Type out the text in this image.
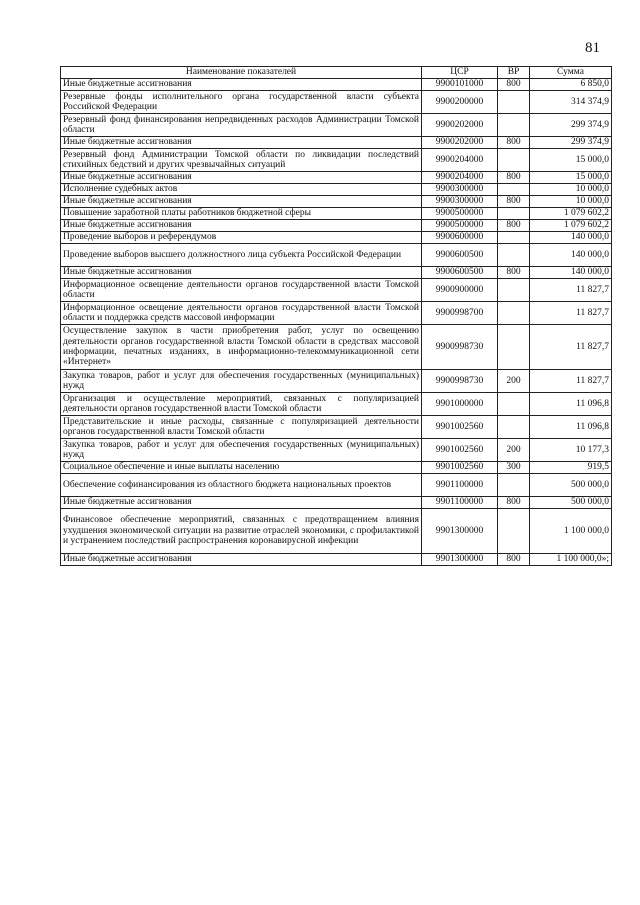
81
Наименование показателей	ЦСР	ВР	Сумма
Иные бюджетные ассигнования	9900101000	800	6 850,0
Резервные фонды исполнительного органа государственной власти субъекта Российской Федерации	9900200000		314 374,9
Резервный фонд финансирования непредвиденных расходов Администрации Томской области	9900202000		299 374,9
Иные бюджетные ассигнования	9900202000	800	299 374,9
Резервный фонд Администрации Томской области по ликвидации последствий стихийных бедствий и других чрезвычайных ситуаций	9900204000		15 000,0
Иные бюджетные ассигнования	9900204000	800	15 000,0
Исполнение судебных актов	9900300000		10 000,0
Иные бюджетные ассигнования	9900300000	800	10 000,0
Повышение заработной платы работников бюджетной сферы	9900500000		1 079 602,2
Иные бюджетные ассигнования	9900500000	800	1 079 602,2
Проведение выборов и референдумов	9900600000		140 000,0
Проведение выборов высшего должностного лица субъекта Российской Федерации	9900600500		140 000,0
Иные бюджетные ассигнования	9900600500	800	140 000,0
Информационное освещение деятельности органов государственной власти Томской области	9900900000		11 827,7
Информационное освещение деятельности органов государственной власти Томской области и поддержка средств массовой информации	9900998700		11 827,7
Осуществление закупок в части приобретения работ, услуг по освещению деятельности органов государственной власти Томской области в средствах массовой информации, печатных изданиях, в информационно-телекоммуникационной сети «Интернет»	9900998730		11 827,7
Закупка товаров, работ и услуг для обеспечения государственных (муниципальных) нужд	9900998730	200	11 827,7
Организация и осуществление мероприятий, связанных с популяризацией деятельности органов государственной власти Томской области	9901000000		11 096,8
Представительские и иные расходы, связанные с популяризацией деятельности органов государственной власти Томской области	9901002560		11 096,8
Закупка товаров, работ и услуг для обеспечения государственных (муниципальных) нужд	9901002560	200	10 177,3
Социальное обеспечение и иные выплаты населению	9901002560	300	919,5
Обеспечение софинансирования из областного бюджета национальных проектов	9901100000		500 000,0
Иные бюджетные ассигнования	9901100000	800	500 000,0
Финансовое обеспечение мероприятий, связанных с предотвращением влияния ухудшения экономической ситуации на развитие отраслей экономики, с профилактикой и устранением последствий распространения коронавирусной инфекции	9901300000		1 100 000,0
Иные бюджетные ассигнования	9901300000	800	1 100 000,0»;
